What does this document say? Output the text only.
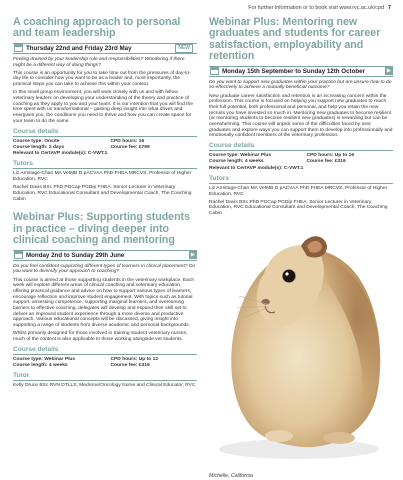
For further information or to book visit www.rvc.ac.uk/cpd 7
A coaching approach to personal and team leadership
Thursday 22nd and Friday 23rd May	NEW

Feeling drained by your leadership role and responsibilities? Wondering if there might be a different way of doing things?

This course is an opportunity for you to take time out from the pressures of day-to-day life to consider how you want to be as a leader and, most importantly, the practical steps you can take to achieve this within your context.

In this small group environment, you will work closely with us and with fellow veterinary leaders on developing your understanding of the theory and practice of coaching as they apply to you and your team. It is our intention that you will find the time spent with us transformational – gaining deep insight into what drives and energises you, the conditions you need to thrive and how you can create space for your team to do the same.

Course details
Course type: Onsite	CPD hours: 16
Course length: 2 days	Course fee: £799
Relevant to CertAVP module(s): C-VWT.1
Tutors

Liz Armitage-Chan MA VetMB D.pACVAA PhD FHEA MRCVS, Professor of Higher Education, RVC

Rachel Davis BSc PhD PGCap PGDip FHEA, Senior Lecturer in Veterinary Education, RVC Educational Consultant and Developmental Coach, The Coaching Cabin

Webinar Plus: Supporting students in practice – diving deeper into clinical coaching and mentoring
Monday 2nd to Sunday 29th June	▶

Do you feel confident supporting different types of learners in clinical placement? Do you want to diversify your approach to coaching?

This course is aimed at those supporting students in the veterinary workplace. Each week will explore different areas of clinical coaching and veterinary education, offering practical guidance and advice on how to support various types of learners, encourage reflection and improve student engagement. With topics such as tutorial support, assessing competence, supporting marginal learners, and overcoming barriers to effective coaching, delegates will develop and expand their skill set to deliver an improved student experience through a more diverse and productive approach. Various educational concepts will be discussed, giving insight into supporting a range of students from diverse academic and personal backgrounds.

Whilst primarily designed for those involved in training student veterinary nurses, much of the content is also applicable to those working alongside vet students.

Course details
Course type: Webinar Plus	CPD hours: Up to 12
Course length: 4 weeks	Course fee: £319
Tutor

Kelly Druce BSc RVN DTLLS, Medicine/Oncology Nurse and Clinical Educator, RVC

Webinar Plus: Mentoring new graduates and students for career satisfaction, employability and retention
Monday 15th September to Sunday 12th October	▶

Do you want to support new graduates within your practice but are unsure how to do so effectively to achieve a mutually beneficial outcome?

New graduate career satisfaction and retention is an increasing concern within the profession. This course is focused on helping you support new graduates to reach their full potential, both professional and personal, and help you retain the new recruits you have invested so much in. Mentoring new graduates to become resilient (or mentoring students to become resilient new graduates) is rewarding but can be overwhelming. This course will unpick some of the difficulties faced by new graduates and explore ways you can support them to develop into professionally and emotionally confident members of the veterinary profession.

Course details
Course type: Webinar Plus	CPD hours: Up to 16
Course length: 4 weeks	Course fee: £319
Relevant to CertAVP module(s): C-VWT.1
Tutors

Liz Armitage-Chan MA VetMB D.pACVAA PhD FHEA MRCVS, Professor of Higher Education, RVC

Rachel Davis BSc PhD PGCap PGDip FHEA, Senior Lecturer in Veterinary Education, RVC Educational Consultant and Developmental Coach, The Coaching Cabin

Michelle, California
